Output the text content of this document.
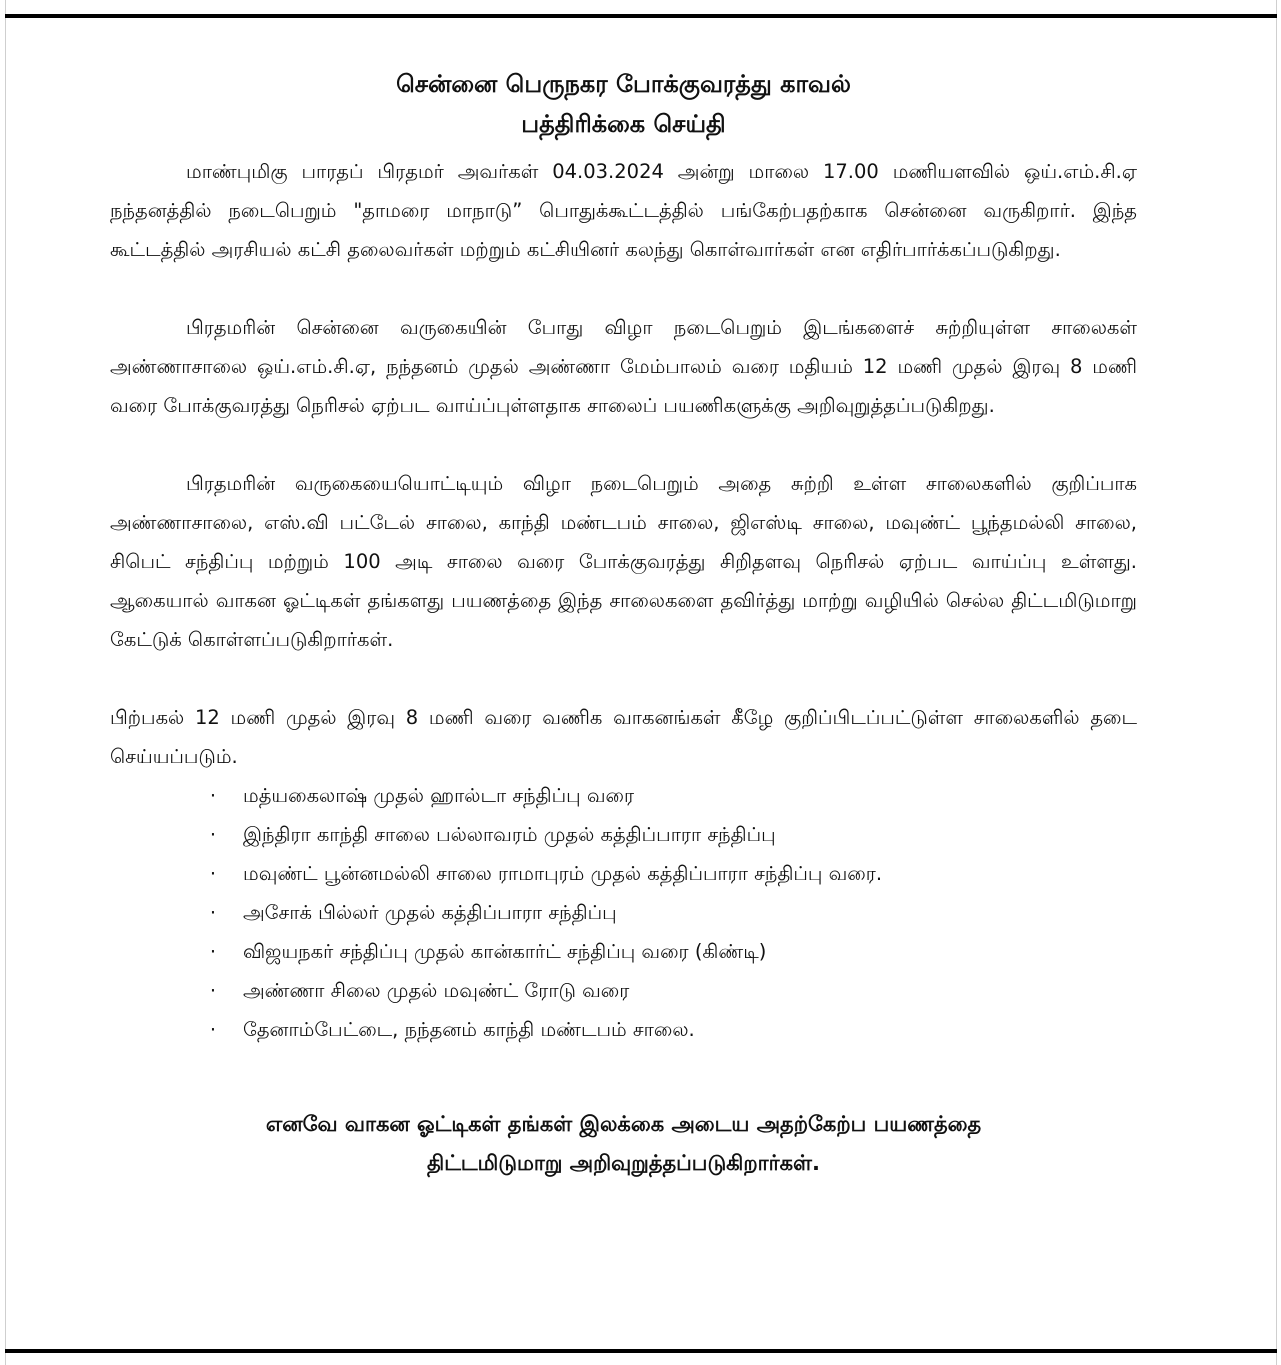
சென்னை பெருநகர போக்குவரத்து காவல்
பத்திரிக்கை செய்தி

மாண்புமிகு பாரதப் பிரதமர் அவர்கள் 04.03.2024 அன்று மாலை 17.00 மணியளவில் ஒய்.எம்.சி.ஏ நந்தனத்தில் நடைபெறும் "தாமரை மாநாடு” பொதுக்கூட்டத்தில் பங்கேற்பதற்காக சென்னை வருகிறார். இந்த கூட்டத்தில் அரசியல் கட்சி தலைவர்கள் மற்றும் கட்சியினர் கலந்து கொள்வார்கள் என எதிர்பார்க்கப்படுகிறது.

பிரதமரின் சென்னை வருகையின் போது விழா நடைபெறும் இடங்களைச் சுற்றியுள்ள சாலைகள் அண்ணாசாலை ஒய்.எம்.சி.ஏ, நந்தனம் முதல் அண்ணா மேம்பாலம் வரை மதியம் 12 மணி முதல் இரவு 8 மணி வரை போக்குவரத்து நெரிசல் ஏற்பட வாய்ப்புள்ளதாக சாலைப் பயணிகளுக்கு அறிவுறுத்தப்படுகிறது.

பிரதமரின் வருகையையொட்டியும் விழா நடைபெறும் அதை சுற்றி உள்ள சாலைகளில் குறிப்பாக அண்ணாசாலை, எஸ்.வி பட்டேல் சாலை, காந்தி மண்டபம் சாலை, ஜிஎஸ்டி சாலை, மவுண்ட் பூந்தமல்லி சாலை, சிபெட் சந்திப்பு மற்றும் 100 அடி சாலை வரை போக்குவரத்து சிறிதளவு நெரிசல் ஏற்பட வாய்ப்பு உள்ளது. ஆகையால் வாகன ஓட்டிகள் தங்களது பயணத்தை இந்த சாலைகளை தவிர்த்து மாற்று வழியில் செல்ல திட்டமிடுமாறு கேட்டுக் கொள்ளப்படுகிறார்கள்.

பிற்பகல் 12 மணி முதல் இரவு 8 மணி வரை வணிக வாகனங்கள் கீழே குறிப்பிடப்பட்டுள்ள சாலைகளில் தடை செய்யப்படும்.

· மத்யகைலாஷ் முதல் ஹால்டா சந்திப்பு வரை
· இந்திரா காந்தி சாலை பல்லாவரம் முதல் கத்திப்பாரா சந்திப்பு
· மவுண்ட் பூன்னமல்லி சாலை ராமாபுரம் முதல் கத்திப்பாரா சந்திப்பு வரை.
· அசோக் பில்லர் முதல் கத்திப்பாரா சந்திப்பு
· விஜயநகர் சந்திப்பு முதல் கான்கார்ட் சந்திப்பு வரை (கிண்டி)
· அண்ணா சிலை முதல் மவுண்ட் ரோடு வரை
· தேனாம்பேட்டை, நந்தனம் காந்தி மண்டபம் சாலை.
எனவே வாகன ஓட்டிகள் தங்கள் இலக்கை அடைய அதற்கேற்ப பயணத்தை
திட்டமிடுமாறு அறிவுறுத்தப்படுகிறார்கள்.
